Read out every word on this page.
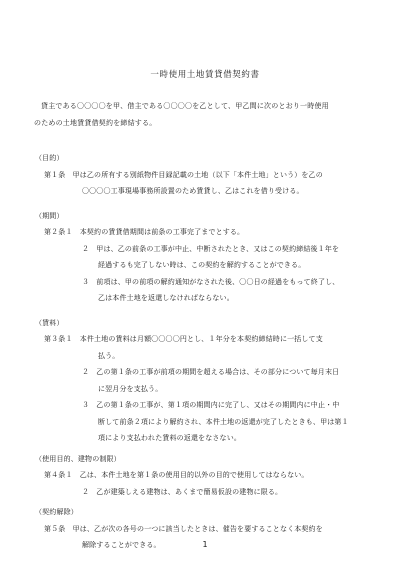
一時使用土地賃貸借契約書

貸主である〇〇〇〇を甲、借主である〇〇〇〇を乙として、甲乙間に次のとおり一時使用

のための土地賃貸借契約を締結する。

（目的）

第１条　甲は乙の所有する別紙物件目録記載の土地（以下「本件土地」という）を乙の

〇〇〇〇工事現場事務所設置のため賃貸し、乙はこれを借り受ける。

（期間）

第２条１　本契約の賃貸借期間は前条の工事完了までとする。

２　甲は、乙の前条の工事が中止、中断されたとき、又はこの契約締結後１年を

経過するも完了しない時は、この契約を解約することができる。

３　前項は、甲の前項の解約通知がなされた後、〇〇日の経過をもって終了し、

乙は本件土地を返還しなければならない。

（賃料）

第３条１　本件土地の賃料は月額〇〇〇〇円とし、１年分を本契約締結時に一括して支

払う。

２　乙の第１条の工事が前項の期間を超える場合は、その部分について毎月末日

に翌月分を支払う。

３　乙の第１条の工事が、第１項の期間内に完了し、又はその期間内に中止・中

断して前条２項により解約され、本件土地の返還が完了したときも、甲は第１

項により支払われた賃料の返還をなさない。

（使用目的、建物の制限）

第４条１　乙は、本件土地を第１条の使用目的以外の目的で使用してはならない。

２　乙が建築しえる建物は、あくまで簡易仮設の建物に限る。

（契約解除）

第５条　甲は、乙が次の各号の一つに該当したときは、催告を要することなく本契約を

解除することができる。	1
